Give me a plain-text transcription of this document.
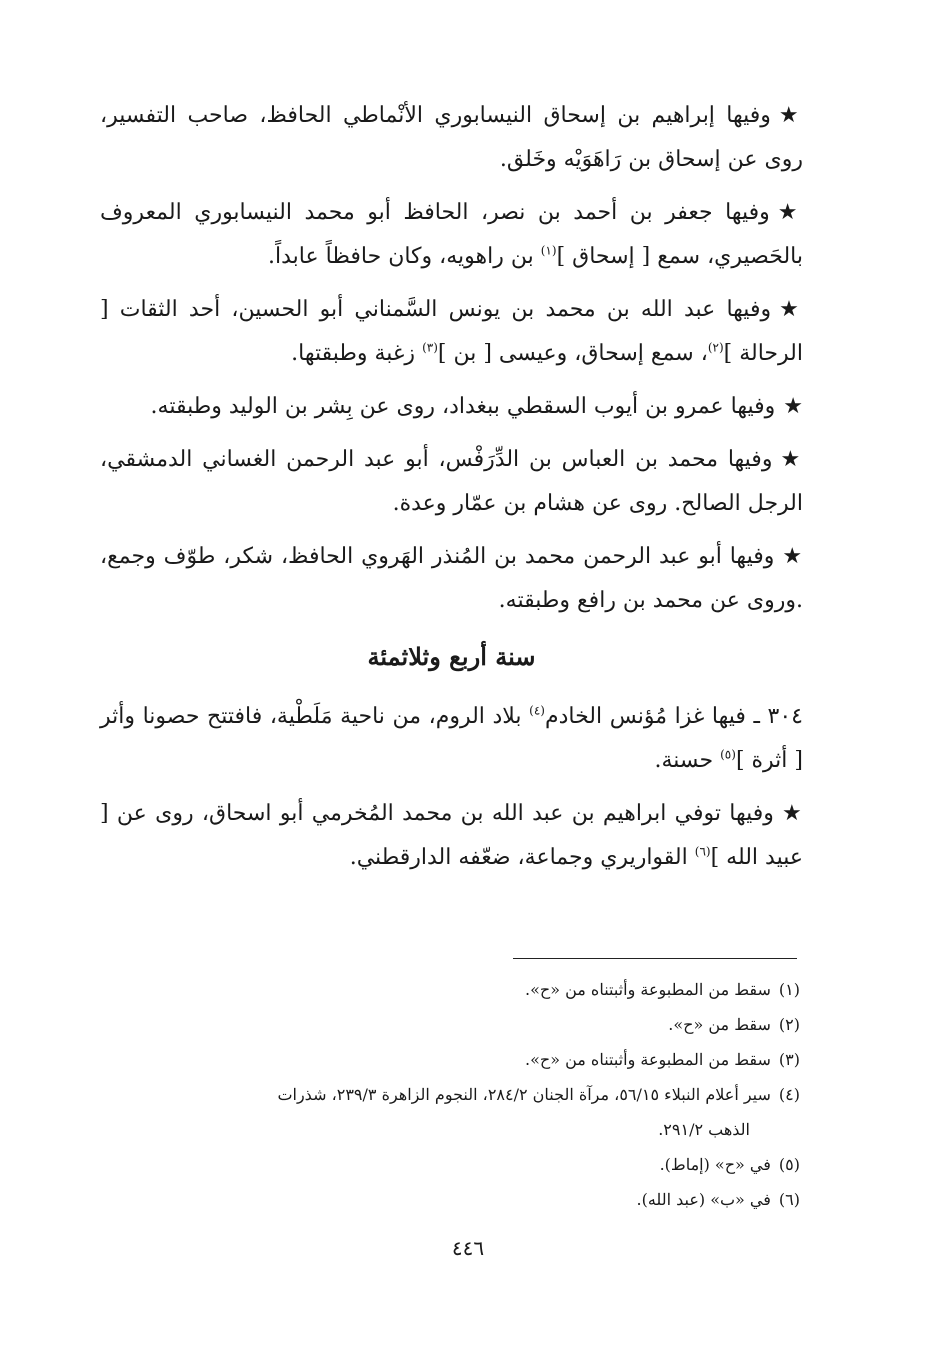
★وفيها إبراهيم بن إسحاق النيسابوري الأنْماطي الحافظ، صاحب التفسير، روى عن إسحاق بن رَاهَوَيْه وخَلق.

★وفيها جعفر بن أحمد بن نصر، الحافظ أبو محمد النيسابوري المعروف بالحَصيري، سمع [ إسحاق ]$^{(١)}$ بن راهويه، وكان حافظاً عابداً.

★وفيها عبد الله بن محمد بن يونس السَّمناني أبو الحسين، أحد الثقات [ الرحالة ]$^{(٢)}$، سمع إسحاق، وعيسى [ بن ]$^{(٣)}$ زغبة وطبقتها.

★وفيها عمرو بن أيوب السقطي ببغداد، روى عن بِشر بن الوليد وطبقته.

★وفيها محمد بن العباس بن الدِّرَفْس، أبو عبد الرحمن الغساني الدمشقي، الرجل الصالح. روى عن هشام بن عمّار وعدة.

★وفيها أبو عبد الرحمن محمد بن المُنذر الهَروي الحافظ، شكر، طوّف وجمع، .وروى عن محمد بن رافع وطبقته.

سنة أربع وثلاثمئة

٣٠٤ ـ فيها غزا مُؤنس الخادم$^{(٤)}$ بلاد الروم، من ناحية مَلَطْية، فافتتح حصونا وأثر [ أثرة ]$^{(٥)}$ حسنة.

★وفيها توفي ابراهيم بن عبد الله بن محمد المُخرمي أبو اسحاق، روى عن [ عبيد الله ]$^{(٦)}$ القواريري وجماعة، ضعّفه الدارقطني.

(١)سقط من المطبوعة وأثبتناه من «ح».
(٢)سقط من «ح».
(٣)سقط من المطبوعة وأثبتناه من «ح».
(٤)سير أعلام النبلاء ٥٦/١٥، مرآة الجنان ٢٨٤/٢، النجوم الزاهرة ٢٣٩/٣، شذرات
الذهب ٢٩١/٢.
(٥)في «ح» (إماط).
(٦)في «ب» (عبد الله).
٤٤٦
